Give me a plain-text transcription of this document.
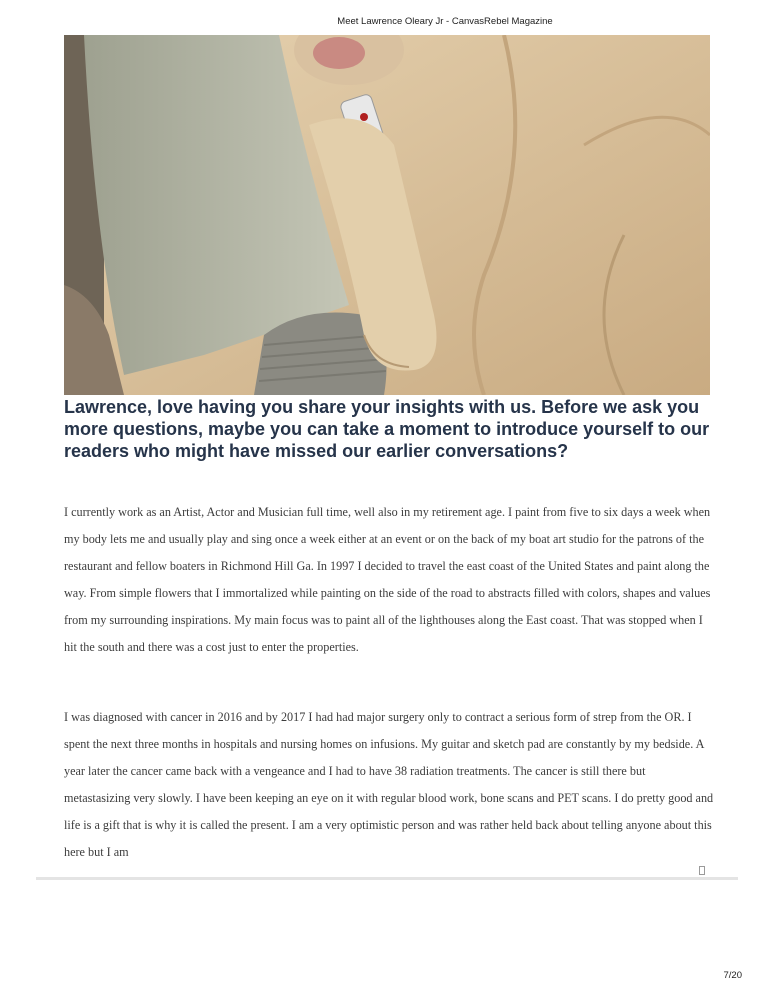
Meet Lawrence Oleary Jr - CanvasRebel Magazine
Lawrence, love having you share your insights with us. Before we ask you more questions, maybe you can take a moment to introduce yourself to our readers who might have missed our earlier conversations?

I currently work as an Artist, Actor and Musician full time, well also in my retirement age. I paint from five to six days a week when my body lets me and usually play and sing once a week either at an event or on the back of my boat art studio for the patrons of the restaurant and fellow boaters in Richmond Hill Ga. In 1997 I decided to travel the east coast of the United States and paint along the way. From simple flowers that I immortalized while painting on the side of the road to abstracts filled with colors, shapes and values from my surrounding inspirations. My main focus was to paint all of the lighthouses along the East coast. That was stopped when I hit the south and there was a cost just to enter the properties.

I was diagnosed with cancer in 2016 and by 2017 I had had major surgery only to contract a serious form of strep from the OR. I spent the next three months in hospitals and nursing homes on infusions. My guitar and sketch pad are constantly by my bedside. A year later the cancer came back with a vengeance and I had to have 38 radiation treatments. The cancer is still there but metastasizing very slowly. I have been keeping an eye on it with regular blood work, bone scans and PET scans. I do pretty good and life is a gift that is why it is called the present. I am a very optimistic person and was rather held back about telling anyone about this here but I am

7/20
